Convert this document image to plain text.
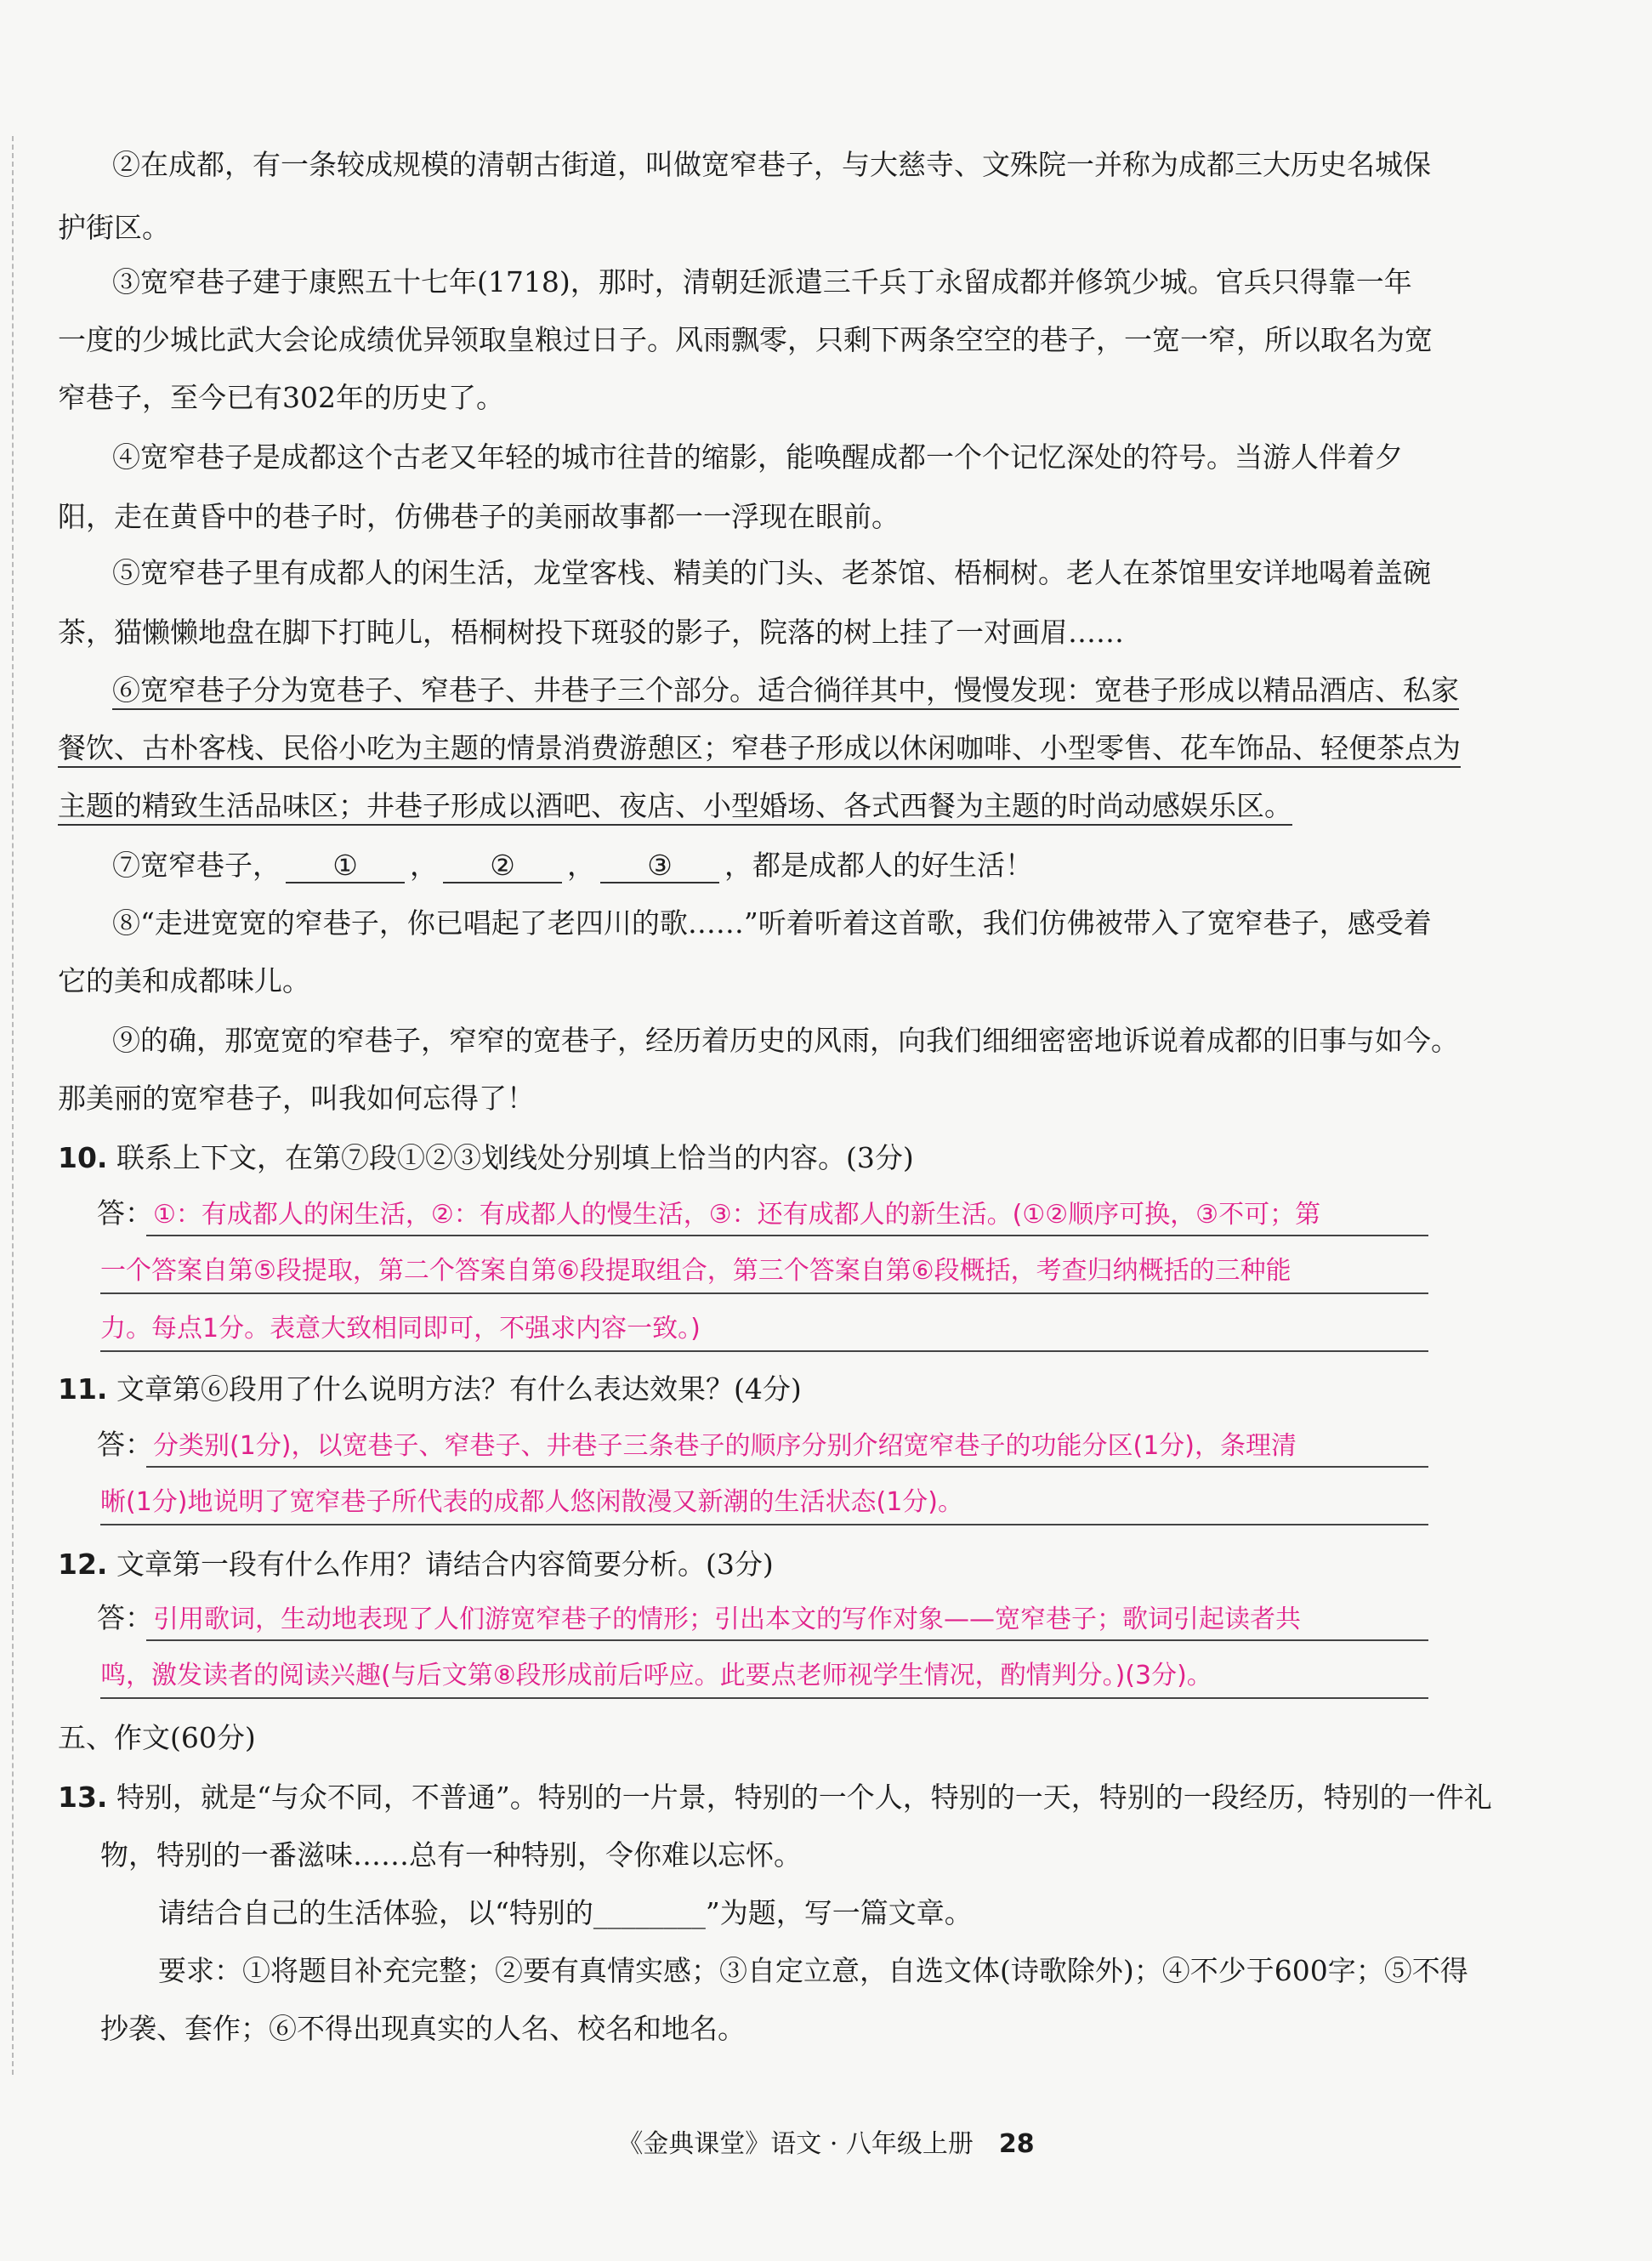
②在成都，有一条较成规模的清朝古街道，叫做宽窄巷子，与大慈寺、文殊院一并称为成都三大历史名城保
护街区。
③宽窄巷子建于康熙五十七年(1718)，那时，清朝廷派遣三千兵丁永留成都并修筑少城。官兵只得靠一年
一度的少城比武大会论成绩优异领取皇粮过日子。风雨飘零，只剩下两条空空的巷子，一宽一窄，所以取名为宽
窄巷子，至今已有302年的历史了。
④宽窄巷子是成都这个古老又年轻的城市往昔的缩影，能唤醒成都一个个记忆深处的符号。当游人伴着夕
阳，走在黄昏中的巷子时，仿佛巷子的美丽故事都一一浮现在眼前。
⑤宽窄巷子里有成都人的闲生活，龙堂客栈、精美的门头、老茶馆、梧桐树。老人在茶馆里安详地喝着盖碗
茶，猫懒懒地盘在脚下打盹儿，梧桐树投下斑驳的影子，院落的树上挂了一对画眉……
⑥宽窄巷子分为宽巷子、窄巷子、井巷子三个部分。适合徜徉其中，慢慢发现：宽巷子形成以精品酒店、私家
餐饮、古朴客栈、民俗小吃为主题的情景消费游憩区；窄巷子形成以休闲咖啡、小型零售、花车饰品、轻便茶点为
主题的精致生活品味区；井巷子形成以酒吧、夜店、小型婚场、各式西餐为主题的时尚动感娱乐区。
⑦宽窄巷子， ① ， ② ， ③ ，都是成都人的好生活！
⑧“走进宽宽的窄巷子，你已唱起了老四川的歌……”听着听着这首歌，我们仿佛被带入了宽窄巷子，感受着
它的美和成都味儿。
⑨的确，那宽宽的窄巷子，窄窄的宽巷子，经历着历史的风雨，向我们细细密密地诉说着成都的旧事与如今。
那美丽的宽窄巷子，叫我如何忘得了！
10. 联系上下文，在第⑦段①②③划线处分别填上恰当的内容。(3分)
答：①：有成都人的闲生活，②：有成都人的慢生活，③：还有成都人的新生活。(①②顺序可换，③不可；第
一个答案自第⑤段提取，第二个答案自第⑥段提取组合，第三个答案自第⑥段概括，考查归纳概括的三种能
力。每点1分。表意大致相同即可，不强求内容一致。)
11. 文章第⑥段用了什么说明方法？有什么表达效果？(4分)
答：分类别(1分)，以宽巷子、窄巷子、井巷子三条巷子的顺序分别介绍宽窄巷子的功能分区(1分)，条理清
晰(1分)地说明了宽窄巷子所代表的成都人悠闲散漫又新潮的生活状态(1分)。
12. 文章第一段有什么作用？请结合内容简要分析。(3分)
答：引用歌词，生动地表现了人们游宽窄巷子的情形；引出本文的写作对象——宽窄巷子；歌词引起读者共
鸣，激发读者的阅读兴趣(与后文第⑧段形成前后呼应。此要点老师视学生情况，酌情判分。)(3分)。
五、作文(60分)
13. 特别，就是“与众不同，不普通”。特别的一片景，特别的一个人，特别的一天，特别的一段经历，特别的一件礼
物，特别的一番滋味……总有一种特别，令你难以忘怀。
请结合自己的生活体验，以“特别的________”为题，写一篇文章。
要求：①将题目补充完整；②要有真情实感；③自定立意，自选文体(诗歌除外)；④不少于600字；⑤不得
抄袭、套作；⑥不得出现真实的人名、校名和地名。
《金典课堂》语文 · 八年级上册 28
